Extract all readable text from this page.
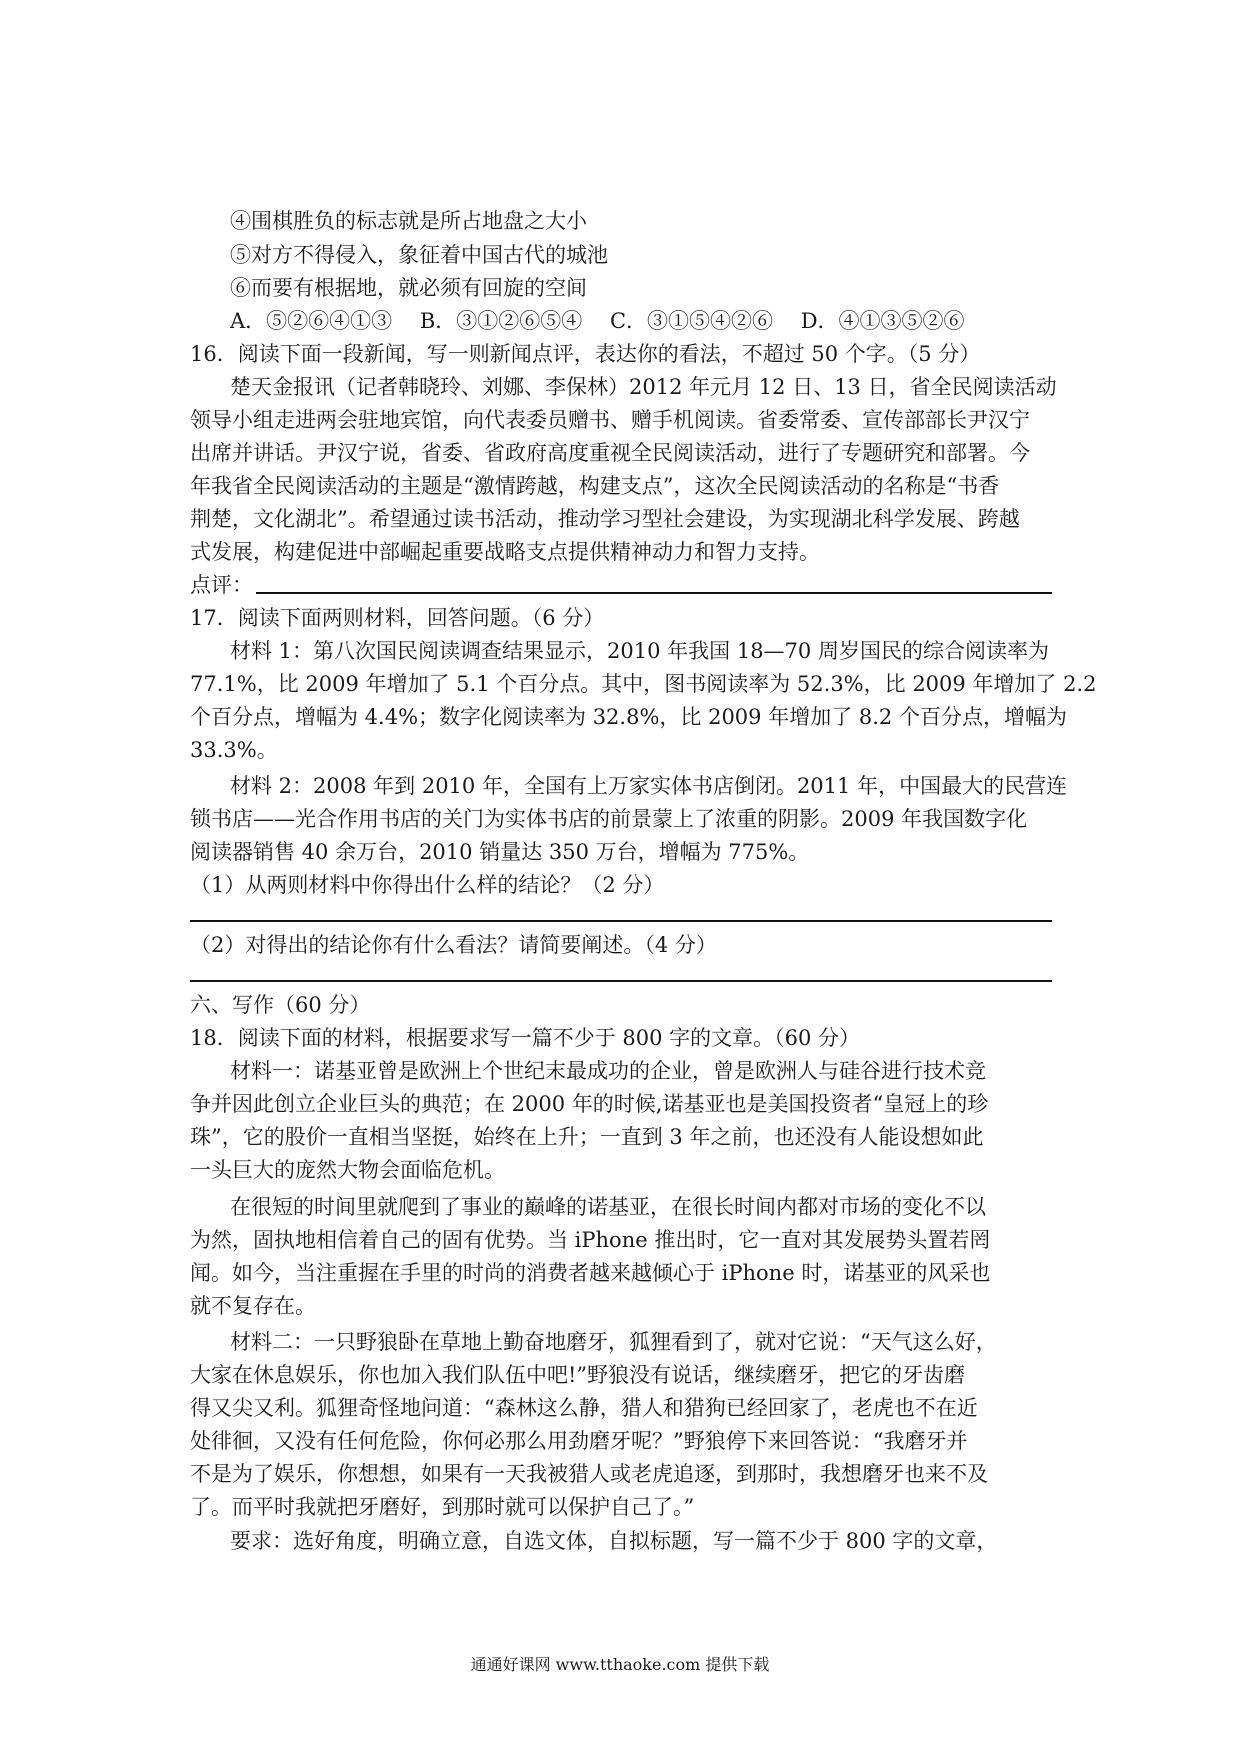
④围棋胜负的标志就是所占地盘之大小
⑤对方不得侵入，象征着中国古代的城池
⑥而要有根据地，就必须有回旋的空间
A．⑤②⑥④①③　 B．③①②⑥⑤④　 C．③①⑤④②⑥　 D．④①③⑤②⑥
16．阅读下面一段新闻，写一则新闻点评，表达你的看法，不超过 50 个字。（5 分）
楚天金报讯（记者韩晓玲、刘娜、李保林）2012 年元月 12 日、13 日，省全民阅读活动
领导小组走进两会驻地宾馆，向代表委员赠书、赠手机阅读。省委常委、宣传部部长尹汉宁
出席并讲话。尹汉宁说，省委、省政府高度重视全民阅读活动，进行了专题研究和部署。今
年我省全民阅读活动的主题是“激情跨越，构建支点”，这次全民阅读活动的名称是“书香
荆楚，文化湖北”。希望通过读书活动，推动学习型社会建设，为实现湖北科学发展、跨越
式发展，构建促进中部崛起重要战略支点提供精神动力和智力支持。
点评：
17．阅读下面两则材料，回答问题。（6 分）
材料 1：第八次国民阅读调查结果显示，2010 年我国 18—70 周岁国民的综合阅读率为
77.1%，比 2009 年增加了 5.1 个百分点。其中，图书阅读率为 52.3%，比 2009 年增加了 2.2
个百分点，增幅为 4.4%；数字化阅读率为 32.8%，比 2009 年增加了 8.2 个百分点，增幅为
33.3%。
材料 2：2008 年到 2010 年，全国有上万家实体书店倒闭。2011 年，中国最大的民营连
锁书店——光合作用书店的关门为实体书店的前景蒙上了浓重的阴影。2009 年我国数字化
阅读器销售 40 余万台，2010 销量达 350 万台，增幅为 775%。
（1）从两则材料中你得出什么样的结论？（2 分）
（2）对得出的结论你有什么看法？请简要阐述。（4 分）
六、写作（60 分）
18．阅读下面的材料，根据要求写一篇不少于 800 字的文章。（60 分）
材料一：诺基亚曾是欧洲上个世纪末最成功的企业，曾是欧洲人与硅谷进行技术竞
争并因此创立企业巨头的典范；在 2000 年的时候,诺基亚也是美国投资者“皇冠上的珍
珠”，它的股价一直相当坚挺，始终在上升；一直到 3 年之前，也还没有人能设想如此
一头巨大的庞然大物会面临危机。
在很短的时间里就爬到了事业的巅峰的诺基亚，在很长时间内都对市场的变化不以
为然，固执地相信着自己的固有优势。当 iPhone 推出时，它一直对其发展势头置若罔
闻。如今，当注重握在手里的时尚的消费者越来越倾心于 iPhone 时，诺基亚的风采也
就不复存在。
材料二：一只野狼卧在草地上勤奋地磨牙，狐狸看到了，就对它说：“天气这么好，
大家在休息娱乐，你也加入我们队伍中吧!”野狼没有说话，继续磨牙，把它的牙齿磨
得又尖又利。狐狸奇怪地问道：“森林这么静，猎人和猎狗已经回家了，老虎也不在近
处徘徊，又没有任何危险，你何必那么用劲磨牙呢？”野狼停下来回答说：“我磨牙并
不是为了娱乐，你想想，如果有一天我被猎人或老虎追逐，到那时，我想磨牙也来不及
了。而平时我就把牙磨好，到那时就可以保护自己了。”
要求：选好角度，明确立意，自选文体，自拟标题，写一篇不少于 800 字的文章，
通通好课网 www.tthaoke.com 提供下载
